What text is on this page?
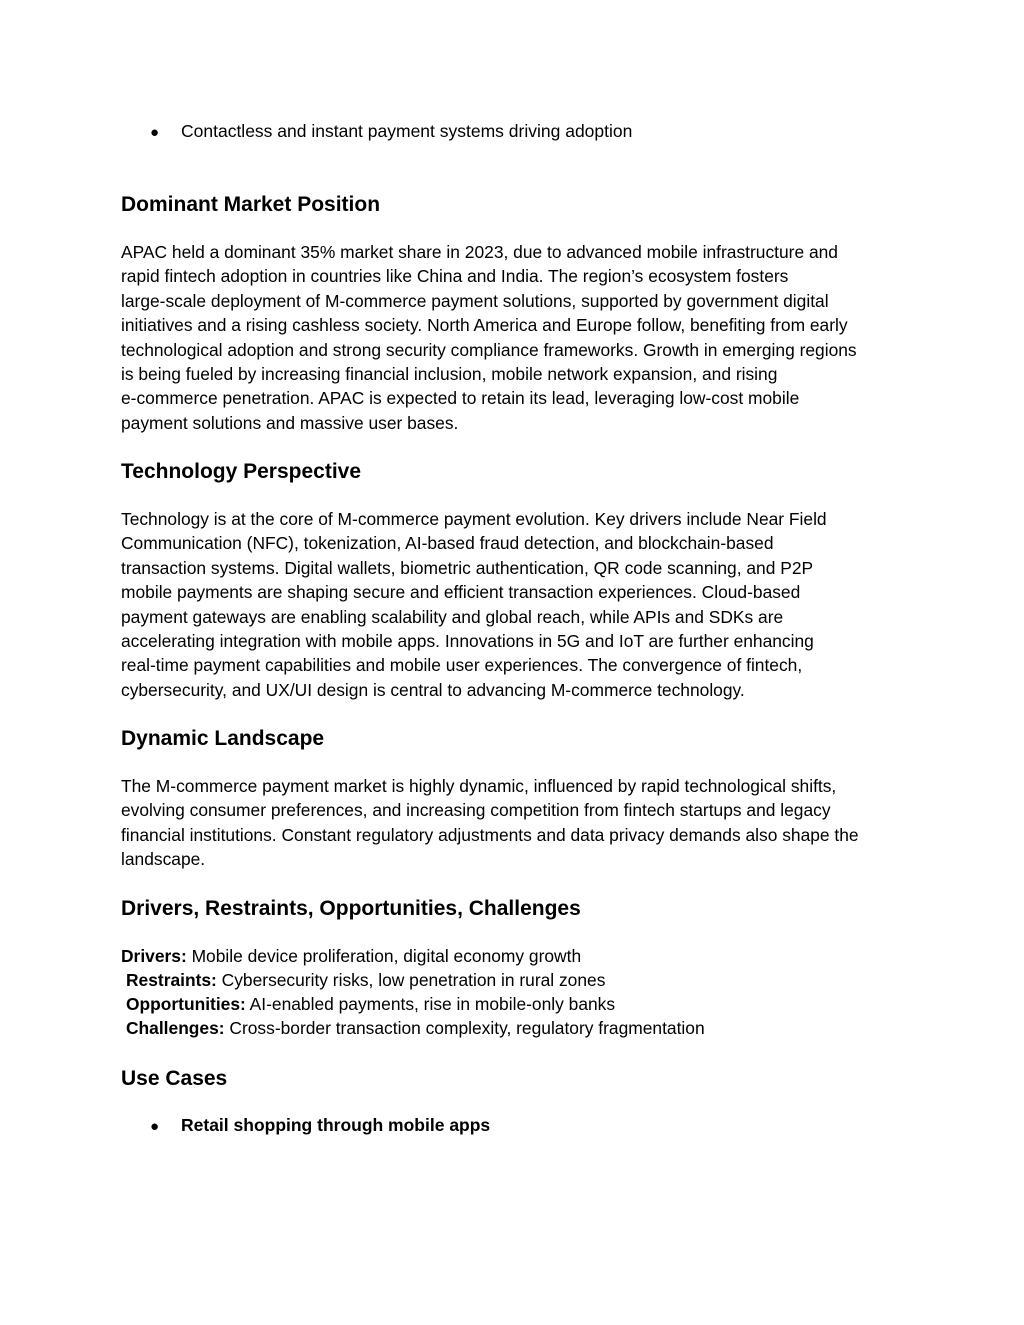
●	Contactless and instant payment systems driving adoption
Dominant Market Position

APAC held a dominant 35% market share in 2023, due to advanced mobile infrastructure and
rapid fintech adoption in countries like China and India. The region’s ecosystem fosters
large-scale deployment of M-commerce payment solutions, supported by government digital
initiatives and a rising cashless society. North America and Europe follow, benefiting from early
technological adoption and strong security compliance frameworks. Growth in emerging regions
is being fueled by increasing financial inclusion, mobile network expansion, and rising
e-commerce penetration. APAC is expected to retain its lead, leveraging low-cost mobile
payment solutions and massive user bases.

Technology Perspective

Technology is at the core of M-commerce payment evolution. Key drivers include Near Field
Communication (NFC), tokenization, AI-based fraud detection, and blockchain-based
transaction systems. Digital wallets, biometric authentication, QR code scanning, and P2P
mobile payments are shaping secure and efficient transaction experiences. Cloud-based
payment gateways are enabling scalability and global reach, while APIs and SDKs are
accelerating integration with mobile apps. Innovations in 5G and IoT are further enhancing
real-time payment capabilities and mobile user experiences. The convergence of fintech,
cybersecurity, and UX/UI design is central to advancing M-commerce technology.

Dynamic Landscape

The M-commerce payment market is highly dynamic, influenced by rapid technological shifts,
evolving consumer preferences, and increasing competition from fintech startups and legacy
financial institutions. Constant regulatory adjustments and data privacy demands also shape the
landscape.

Drivers, Restraints, Opportunities, Challenges
Drivers: Mobile device proliferation, digital economy growth
Restraints: Cybersecurity risks, low penetration in rural zones
Opportunities: AI-enabled payments, rise in mobile-only banks
Challenges: Cross-border transaction complexity, regulatory fragmentation
Use Cases
●	Retail shopping through mobile apps
